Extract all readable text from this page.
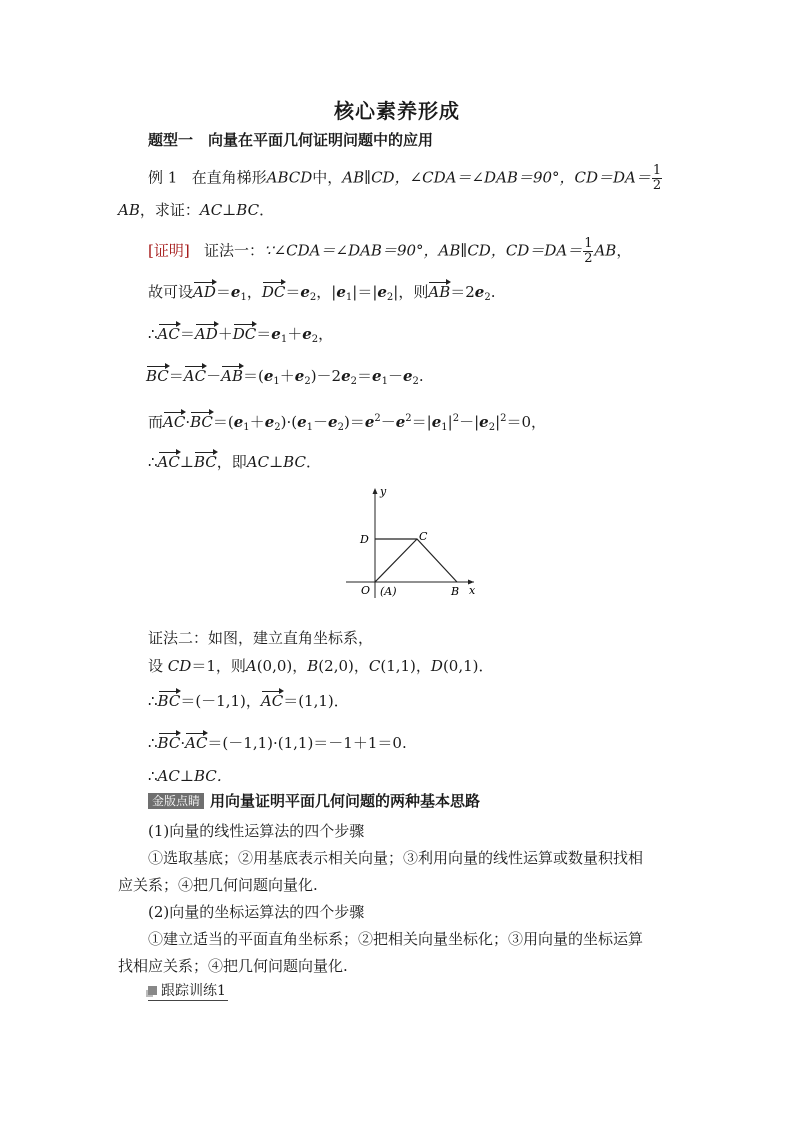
核心素养形成
题型一　向量在平面几何证明问题中的应用
例 1 在直角梯形ABCD中，AB∥CD，∠CDA＝∠DAB＝90°，$CD=DA= \frac{1}{2}$
AB，求证：AC⊥BC．
[证明] 证法一：∵∠CDA＝∠DAB＝90°，AB∥CD，$CD=DA= \frac{1}{2}$ AB，
故可设$AD=e_1$，$DC=e_2$，$|e_1|=|e_2|$，则$AB=2e_2$.
$\therefore AC=AD+DC=e_1+e_2$，
$BC=AC-AB=(e_1+e_2)-2e_2=e_1-e_2$.
而$AC\cdot BC=(e_1+e_2)\cdot(e_1-e_2)=e^2-e^2=|e_1|^2-|e_2|^2=0$，
∴AC⊥BC，即AC⊥BC．
y
x
D	C
O (A)	B
证法二：如图，建立直角坐标系，
设 CD＝1，则A(0,0)，B(2,0)，C(1,1)，D(0,1)．
∴BC＝(－1,1)，AC＝(1,1)．
∴BC·AC＝(－1,1)·(1,1)＝－1＋1＝0.
∴AC⊥BC．
金版点睛 用向量证明平面几何问题的两种基本思路
(1)向量的线性运算法的四个步骤
①选取基底；②用基底表示相关向量；③利用向量的线性运算或数量积找相
应关系；④把几何问题向量化.
(2)向量的坐标运算法的四个步骤
①建立适当的平面直角坐标系；②把相关向量坐标化；③用向量的坐标运算
找相应关系；④把几何问题向量化.
跟踪训练1
